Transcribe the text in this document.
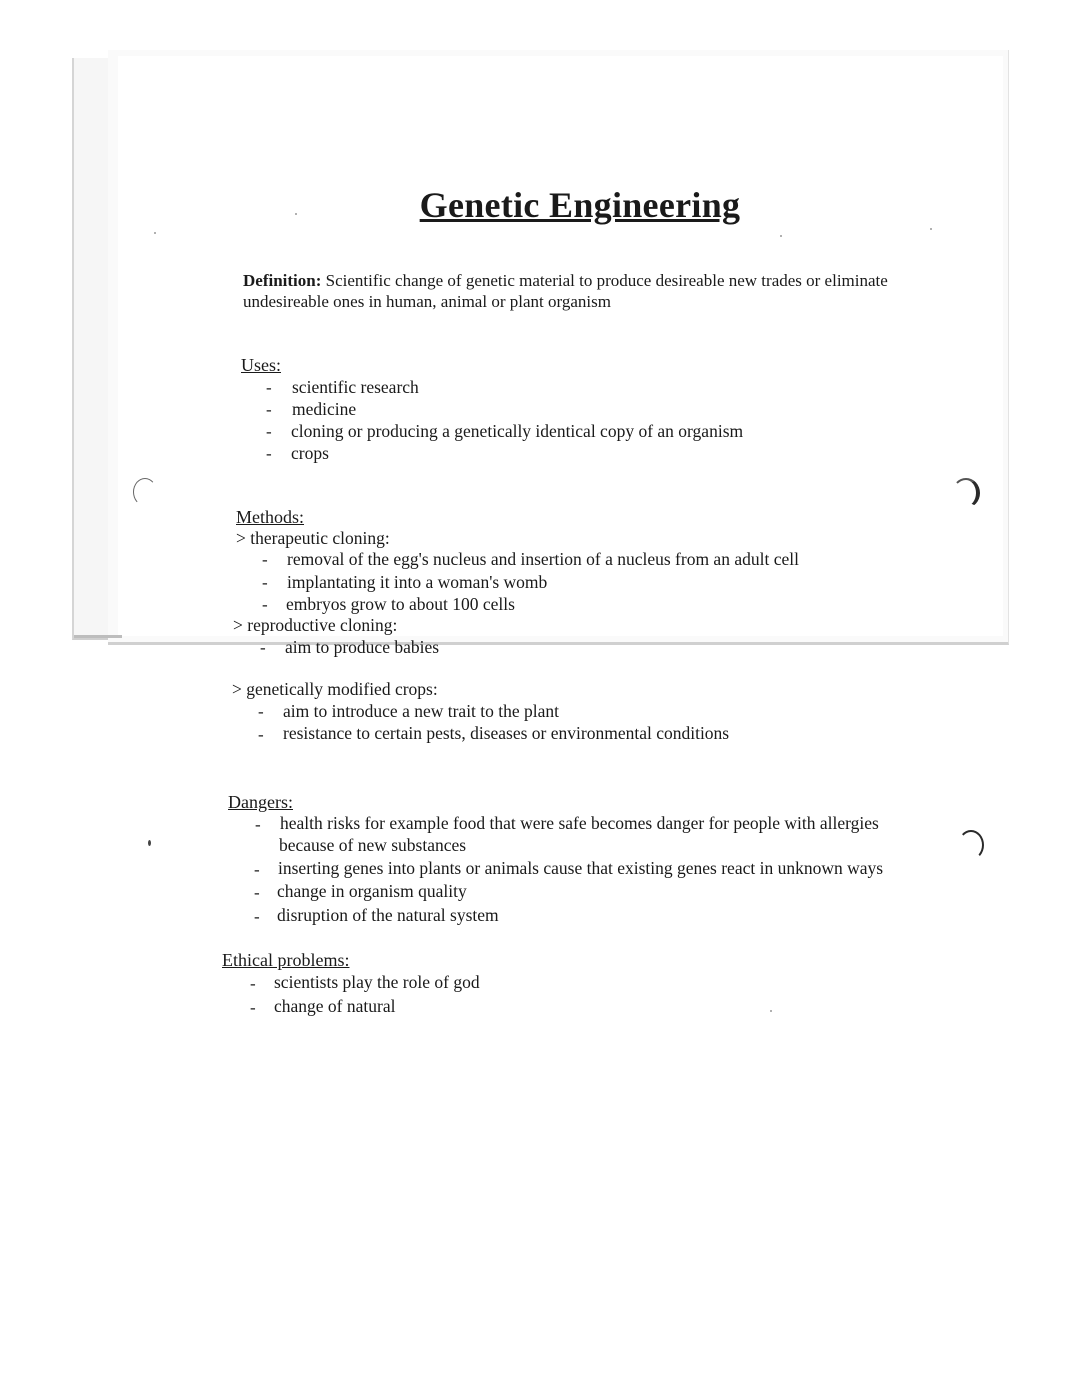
Genetic Engineering
Definition: Scientific change of genetic material to produce desireable new trades or eliminate
undesireable ones in human, animal or plant organism
Uses:
- scientific research
- medicine
- cloning or producing a genetically identical copy of an organism
- crops
Methods:
> therapeutic cloning:
- removal of the egg's nucleus and insertion of a nucleus from an adult cell
- implantating it into a woman's womb
- embryos grow to about 100 cells
> reproductive cloning:
- aim to produce babies
> genetically modified crops:
- aim to introduce a new trait to the plant
- resistance to certain pests, diseases or environmental conditions
Dangers:
- health risks for example food that were safe becomes danger for people with allergies
because of new substances
- inserting genes into plants or animals cause that existing genes react in unknown ways
- change in organism quality
- disruption of the natural system
Ethical problems:
- scientists play the role of god
- change of natural
